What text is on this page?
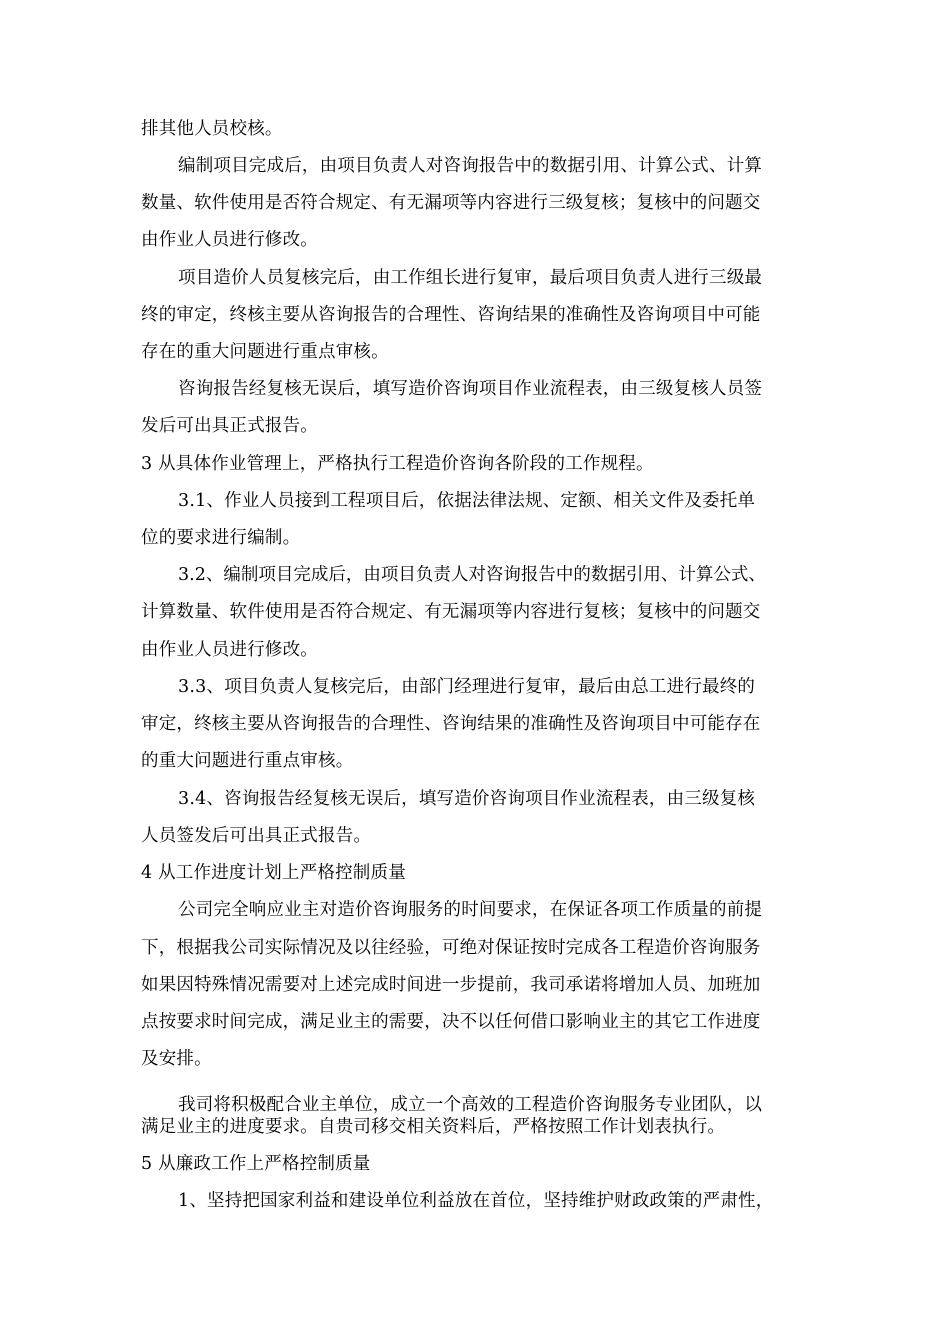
排其他人员校核。
编制项目完成后，由项目负责人对咨询报告中的数据引用、计算公式、计算
数量、软件使用是否符合规定、有无漏项等内容进行三级复核；复核中的问题交
由作业人员进行修改。
项目造价人员复核完后，由工作组长进行复审，最后项目负责人进行三级最
终的审定，终核主要从咨询报告的合理性、咨询结果的准确性及咨询项目中可能
存在的重大问题进行重点审核。
咨询报告经复核无误后，填写造价咨询项目作业流程表，由三级复核人员签
发后可出具正式报告。
3 从具体作业管理上，严格执行工程造价咨询各阶段的工作规程。
3.1、作业人员接到工程项目后，依据法律法规、定额、相关文件及委托单
位的要求进行编制。
3.2、编制项目完成后，由项目负责人对咨询报告中的数据引用、计算公式、
计算数量、软件使用是否符合规定、有无漏项等内容进行复核；复核中的问题交
由作业人员进行修改。
3.3、项目负责人复核完后，由部门经理进行复审，最后由总工进行最终的
审定，终核主要从咨询报告的合理性、咨询结果的准确性及咨询项目中可能存在
的重大问题进行重点审核。
3.4、咨询报告经复核无误后，填写造价咨询项目作业流程表，由三级复核
人员签发后可出具正式报告。
4 从工作进度计划上严格控制质量
公司完全响应业主对造价咨询服务的时间要求，在保证各项工作质量的前提
下，根据我公司实际情况及以往经验，可绝对保证按时完成各工程造价咨询服务
如果因特殊情况需要对上述完成时间进一步提前，我司承诺将增加人员、加班加
点按要求时间完成，满足业主的需要，决不以任何借口影响业主的其它工作进度
及安排。
我司将积极配合业主单位，成立一个高效的工程造价咨询服务专业团队，以
满足业主的进度要求。自贵司移交相关资料后，严格按照工作计划表执行。
5 从廉政工作上严格控制质量
1、坚持把国家利益和建设单位利益放在首位，坚持维护财政政策的严肃性，
